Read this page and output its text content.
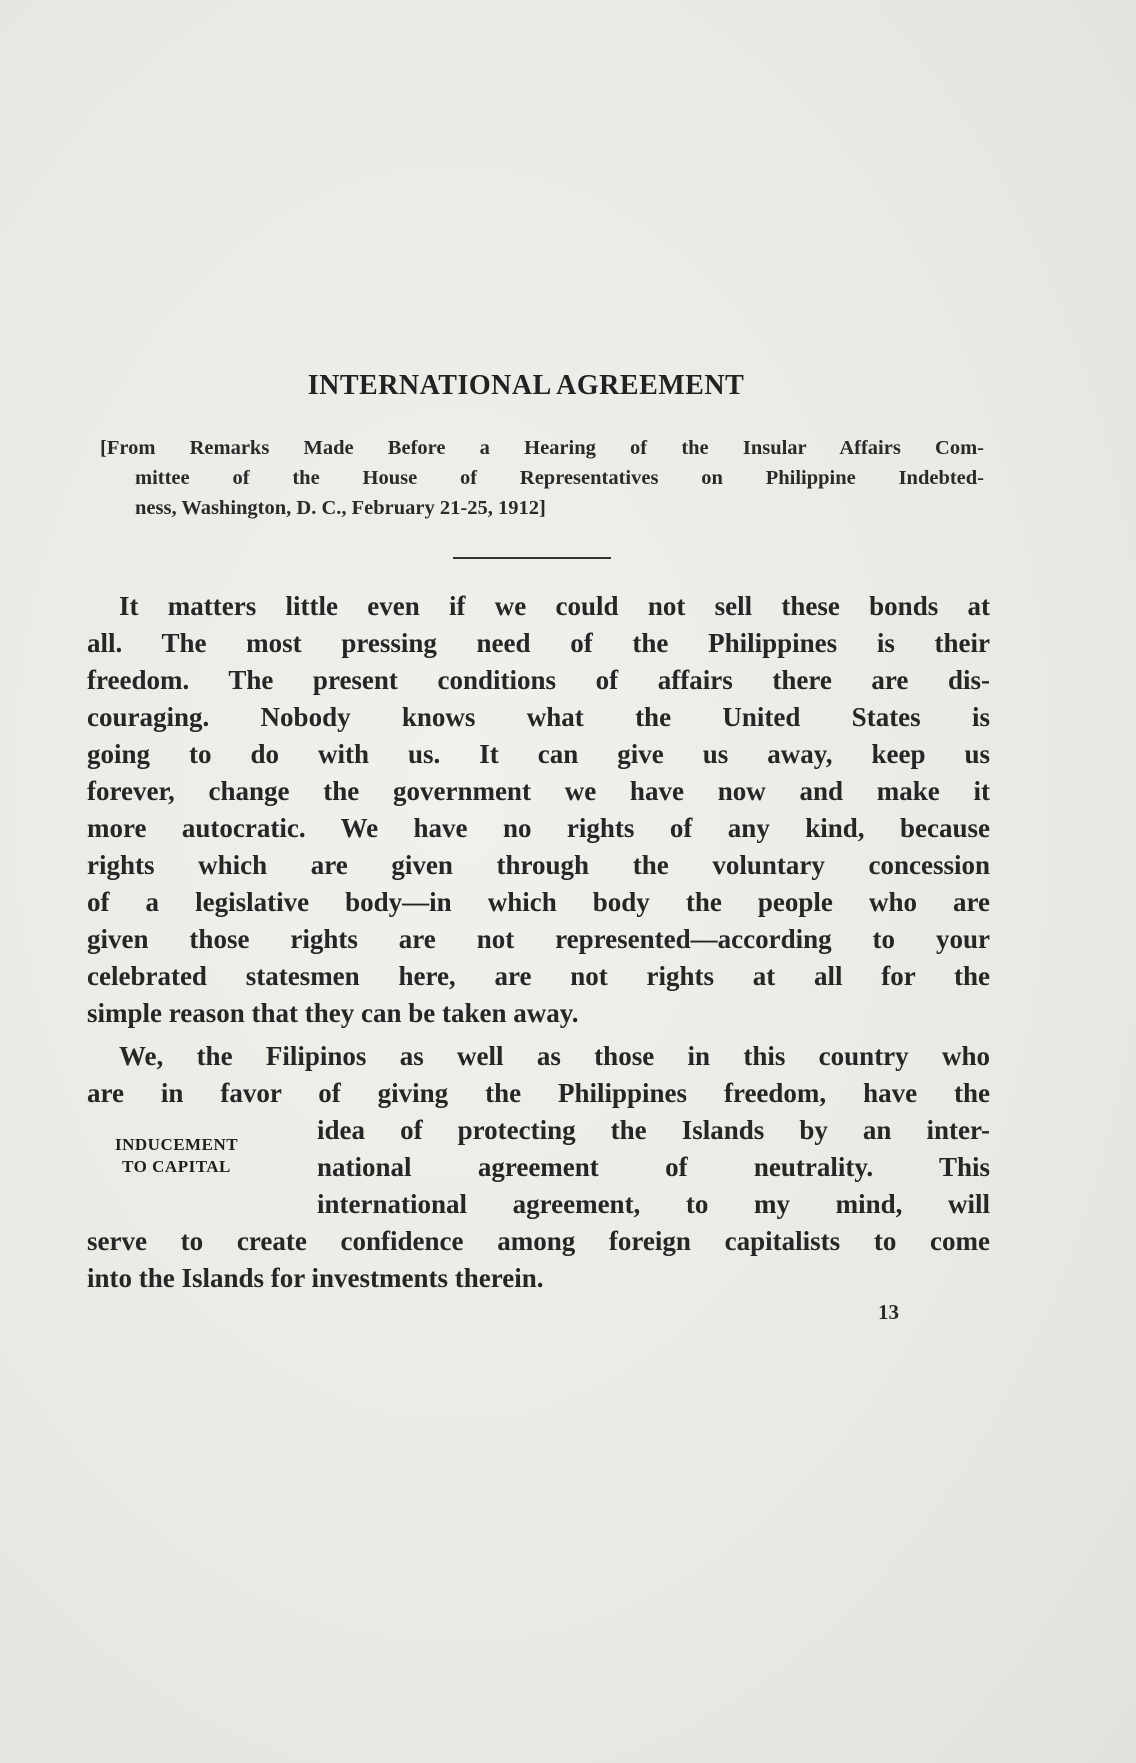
INTERNATIONAL AGREEMENT
[From Remarks Made Before a Hearing of the Insular Affairs Com-
mittee of the House of Representatives on Philippine Indebted-
ness, Washington, D. C., February 21-25, 1912]
It matters little even if we could not sell these bonds at
all. The most pressing need of the Philippines is their
freedom. The present conditions of affairs there are dis-
couraging. Nobody knows what the United States is
going to do with us. It can give us away, keep us
forever, change the government we have now and make it
more autocratic. We have no rights of any kind, because
rights which are given through the voluntary concession
of a legislative body—in which body the people who are
given those rights are not represented—according to your
celebrated statesmen here, are not rights at all for the
simple reason that they can be taken away.
We, the Filipinos as well as those in this country who
are in favor of giving the Philippines freedom, have the
INDUCEMENT
TO CAPITAL
idea of protecting the Islands by an inter-
national agreement of neutrality. This
international agreement, to my mind, will
serve to create confidence among foreign capitalists to come
into the Islands for investments therein.
13
